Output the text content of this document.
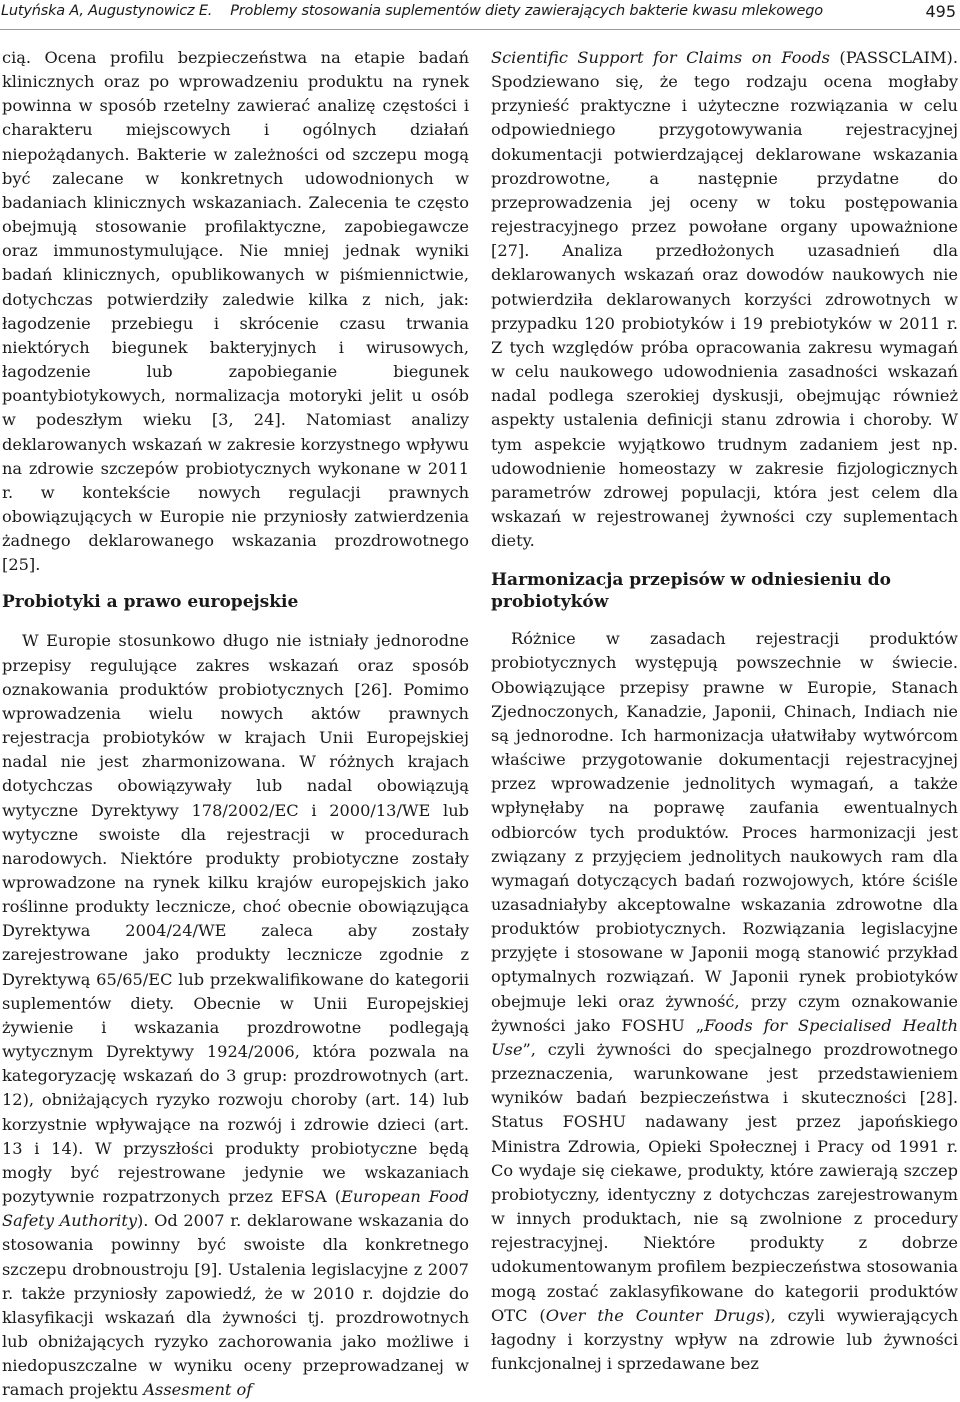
Lutyńska A, Augustynowicz E. Problemy stosowania suplementów diety zawierających bakterie kwasu mlekowego	495

cią. Ocena profilu bezpieczeństwa na etapie badań klinicznych oraz po wprowadzeniu produktu na rynek powinna w sposób rzetelny zawierać analizę częstości i charakteru miejscowych i ogólnych działań niepożądanych. Bakterie w zależności od szczepu mogą być zalecane w konkretnych udowodnionych w badaniach klinicznych wskazaniach. Zalecenia te często obejmują stosowanie profilaktyczne, zapobiegawcze oraz immunostymulujące. Nie mniej jednak wyniki badań klinicznych, opublikowanych w piśmiennictwie, dotychczas potwierdziły zaledwie kilka z nich, jak: łagodzenie przebiegu i skrócenie czasu trwania niektórych biegunek bakteryjnych i wirusowych, łagodzenie lub zapobieganie biegunek poantybiotykowych, normalizacja motoryki jelit u osób w podeszłym wieku [3, 24]. Natomiast analizy deklarowanych wskazań w zakresie korzystnego wpływu na zdrowie szczepów probiotycznych wykonane w 2011 r. w kontekście nowych regulacji prawnych obowiązujących w Europie nie przyniosły zatwierdzenia żadnego deklarowanego wskazania prozdrowotnego [25].

Probiotyki a prawo europejskie

W Europie stosunkowo długo nie istniały jednorodne przepisy regulujące zakres wskazań oraz sposób oznakowania produktów probiotycznych [26]. Pomimo wprowadzenia wielu nowych aktów prawnych rejestracja probiotyków w krajach Unii Europejskiej nadal nie jest zharmonizowana. W różnych krajach dotychczas obowiązywały lub nadal obowiązują wytyczne Dyrektywy 178/2002/EC i 2000/13/WE lub wytyczne swoiste dla rejestracji w procedurach narodowych. Niektóre produkty probiotyczne zostały wprowadzone na rynek kilku krajów europejskich jako roślinne produkty lecznicze, choć obecnie obowiązująca Dyrektywa 2004/24/WE zaleca aby zostały zarejestrowane jako produkty lecznicze zgodnie z Dyrektywą 65/65/EC lub przekwalifikowane do kategorii suplementów diety. Obecnie w Unii Europejskiej żywienie i wskazania prozdrowotne podlegają wytycznym Dyrektywy 1924/2006, która pozwala na kategoryzację wskazań do 3 grup: prozdrowotnych (art. 12), obniżających ryzyko rozwoju choroby (art. 14) lub korzystnie wpływające na rozwój i zdrowie dzieci (art. 13 i 14). W przyszłości produkty probiotyczne będą mogły być rejestrowane jedynie we wskazaniach pozytywnie rozpatrzonych przez EFSA (European Food Safety Authority). Od 2007 r. deklarowane wskazania do stosowania powinny być swoiste dla konkretnego szczepu drobnoustroju [9]. Ustalenia legislacyjne z 2007 r. także przyniosły zapowiedź, że w 2010 r. dojdzie do klasyfikacji wskazań dla żywności tj. prozdrowotnych lub obniżających ryzyko zachorowania jako możliwe i niedopuszczalne w wyniku oceny przeprowadzanej w ramach projektu Assesment of

Scientific Support for Claims on Foods (PASSCLAIM). Spodziewano się, że tego rodzaju ocena mogłaby przynieść praktyczne i użyteczne rozwiązania w celu odpowiedniego przygotowywania rejestracyjnej dokumentacji potwierdzającej deklarowane wskazania prozdrowotne, a następnie przydatne do przeprowadzenia jej oceny w toku postępowania rejestracyjnego przez powołane organy upoważnione [27]. Analiza przedłożonych uzasadnień dla deklarowanych wskazań oraz dowodów naukowych nie potwierdziła deklarowanych korzyści zdrowotnych w przypadku 120 probiotyków i 19 prebiotyków w 2011 r. Z tych względów próba opracowania zakresu wymagań w celu naukowego udowodnienia zasadności wskazań nadal podlega szerokiej dyskusji, obejmując również aspekty ustalenia definicji stanu zdrowia i choroby. W tym aspekcie wyjątkowo trudnym zadaniem jest np. udowodnienie homeostazy w zakresie fizjologicznych parametrów zdrowej populacji, która jest celem dla wskazań w rejestrowanej żywności czy suplementach diety.

Harmonizacja przepisów w odniesieniu do probiotyków

Różnice w zasadach rejestracji produktów probiotycznych występują powszechnie w świecie. Obowiązujące przepisy prawne w Europie, Stanach Zjednoczonych, Kanadzie, Japonii, Chinach, Indiach nie są jednorodne. Ich harmonizacja ułatwiłaby wytwórcom właściwe przygotowanie dokumentacji rejestracyjnej przez wprowadzenie jednolitych wymagań, a także wpłynęłaby na poprawę zaufania ewentualnych odbiorców tych produktów. Proces harmonizacji jest związany z przyjęciem jednolitych naukowych ram dla wymagań dotyczących badań rozwojowych, które ściśle uzasadniałyby akceptowalne wskazania zdrowotne dla produktów probiotycznych. Rozwiązania legislacyjne przyjęte i stosowane w Japonii mogą stanowić przykład optymalnych rozwiązań. W Japonii rynek probiotyków obejmuje leki oraz żywność, przy czym oznakowanie żywności jako FOSHU „Foods for Specialised Health Use”, czyli żywności do specjalnego prozdrowotnego przeznaczenia, warunkowane jest przedstawieniem wyników badań bezpieczeństwa i skuteczności [28]. Status FOSHU nadawany jest przez japońskiego Ministra Zdrowia, Opieki Społecznej i Pracy od 1991 r. Co wydaje się ciekawe, produkty, które zawierają szczep probiotyczny, identyczny z dotychczas zarejestrowanym w innych produktach, nie są zwolnione z procedury rejestracyjnej. Niektóre produkty z dobrze udokumentowanym profilem bezpieczeństwa stosowania mogą zostać zaklasyfikowane do kategorii produktów OTC (Over the Counter Drugs), czyli wywierających łagodny i korzystny wpływ na zdrowie lub żywności funkcjonalnej i sprzedawane bez
